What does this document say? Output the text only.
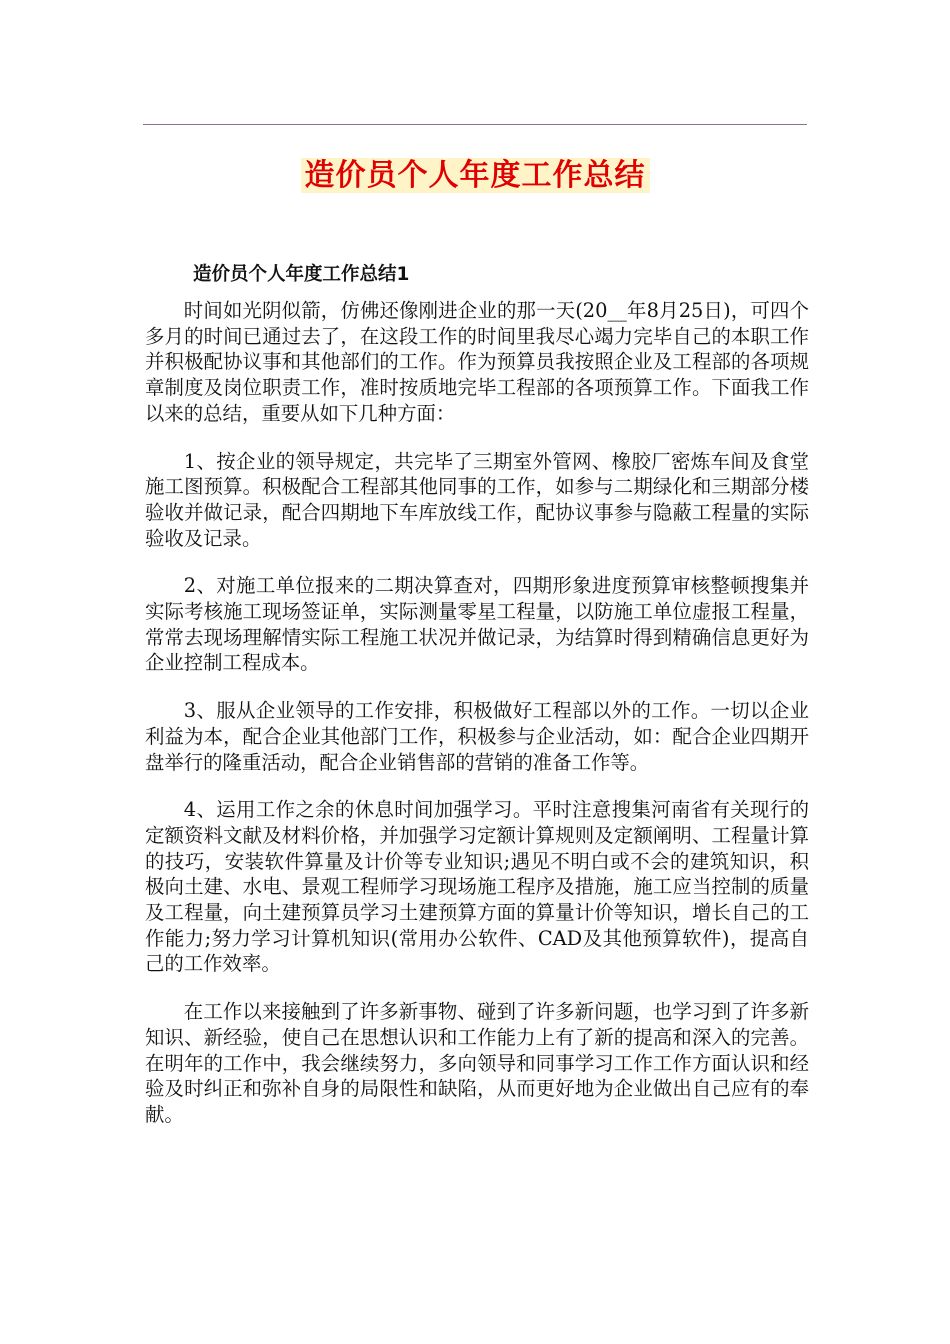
造价员个人年度工作总结
造价员个人年度工作总结1

时间如光阴似箭，仿佛还像刚进企业的那一天(20__年8月25日)，可四个多月的时间已通过去了，在这段工作的时间里我尽心竭力完毕自己的本职工作并积极配协议事和其他部们的工作。作为预算员我按照企业及工程部的各项规章制度及岗位职责工作，准时按质地完毕工程部的各项预算工作。下面我工作以来的总结，重要从如下几种方面：

1、按企业的领导规定，共完毕了三期室外管网、橡胶厂密炼车间及食堂施工图预算。积极配合工程部其他同事的工作，如参与二期绿化和三期部分楼验收并做记录，配合四期地下车库放线工作，配协议事参与隐蔽工程量的实际验收及记录。

2、对施工单位报来的二期决算查对，四期形象进度预算审核整顿搜集并实际考核施工现场签证单，实际测量零星工程量，以防施工单位虚报工程量，常常去现场理解情实际工程施工状况并做记录，为结算时得到精确信息更好为企业控制工程成本。

3、服从企业领导的工作安排，积极做好工程部以外的工作。一切以企业利益为本，配合企业其他部门工作，积极参与企业活动，如：配合企业四期开盘举行的隆重活动，配合企业销售部的营销的准备工作等。

4、运用工作之余的休息时间加强学习。平时注意搜集河南省有关现行的定额资料文献及材料价格，并加强学习定额计算规则及定额阐明、工程量计算的技巧，安装软件算量及计价等专业知识;遇见不明白或不会的建筑知识，积极向土建、水电、景观工程师学习现场施工程序及措施，施工应当控制的质量及工程量，向土建预算员学习土建预算方面的算量计价等知识，增长自己的工作能力;努力学习计算机知识(常用办公软件、CAD及其他预算软件)，提高自己的工作效率。

在工作以来接触到了许多新事物、碰到了许多新问题，也学习到了许多新知识、新经验，使自己在思想认识和工作能力上有了新的提高和深入的完善。在明年的工作中，我会继续努力，多向领导和同事学习工作工作方面认识和经验及时纠正和弥补自身的局限性和缺陷，从而更好地为企业做出自己应有的奉献。
